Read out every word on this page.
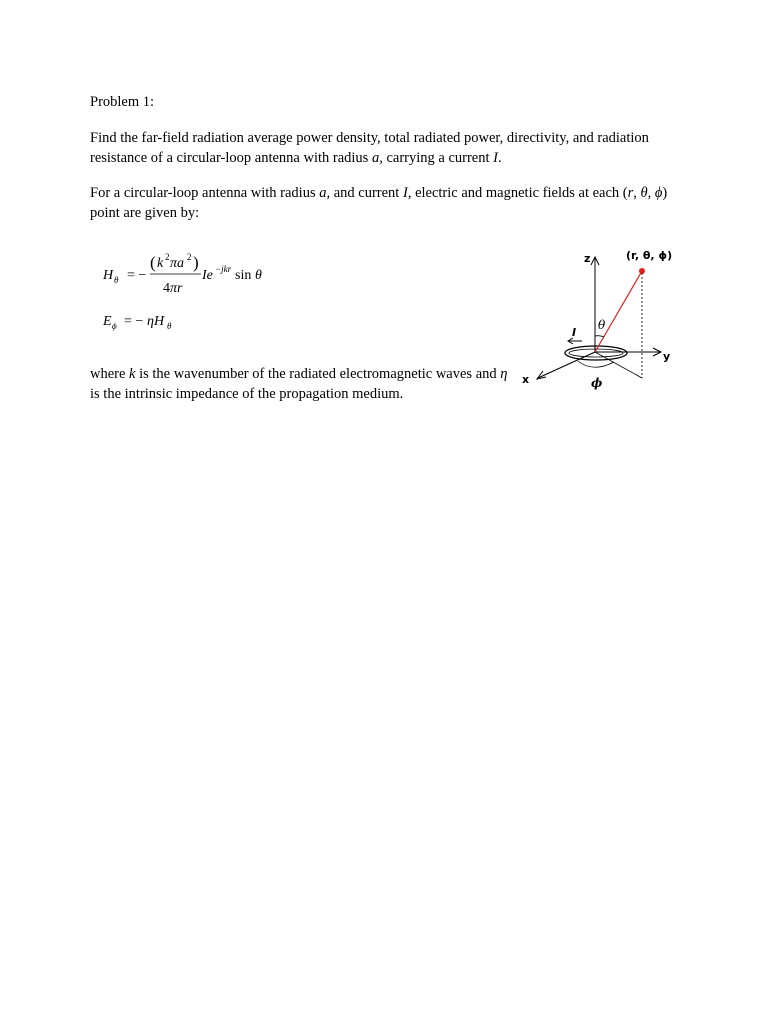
Problem 1:
Find the far-field radiation average power density, total radiated power, directivity, and radiation resistance of a circular-loop antenna with radius a, carrying a current I.
For a circular-loop antenna with radius a, and current I, electric and magnetic fields at each (r, θ, ϕ) point are given by:
H θ = −
( k 2 πa 2 )
4 πr
Ie −jkr sin θ
E ϕ = − ηH θ
where k is the wavenumber of the radiated electromagnetic waves and η is the intrinsic impedance of the propagation medium.
z
y
x
I
(r, θ, ϕ)
θ
ϕ
